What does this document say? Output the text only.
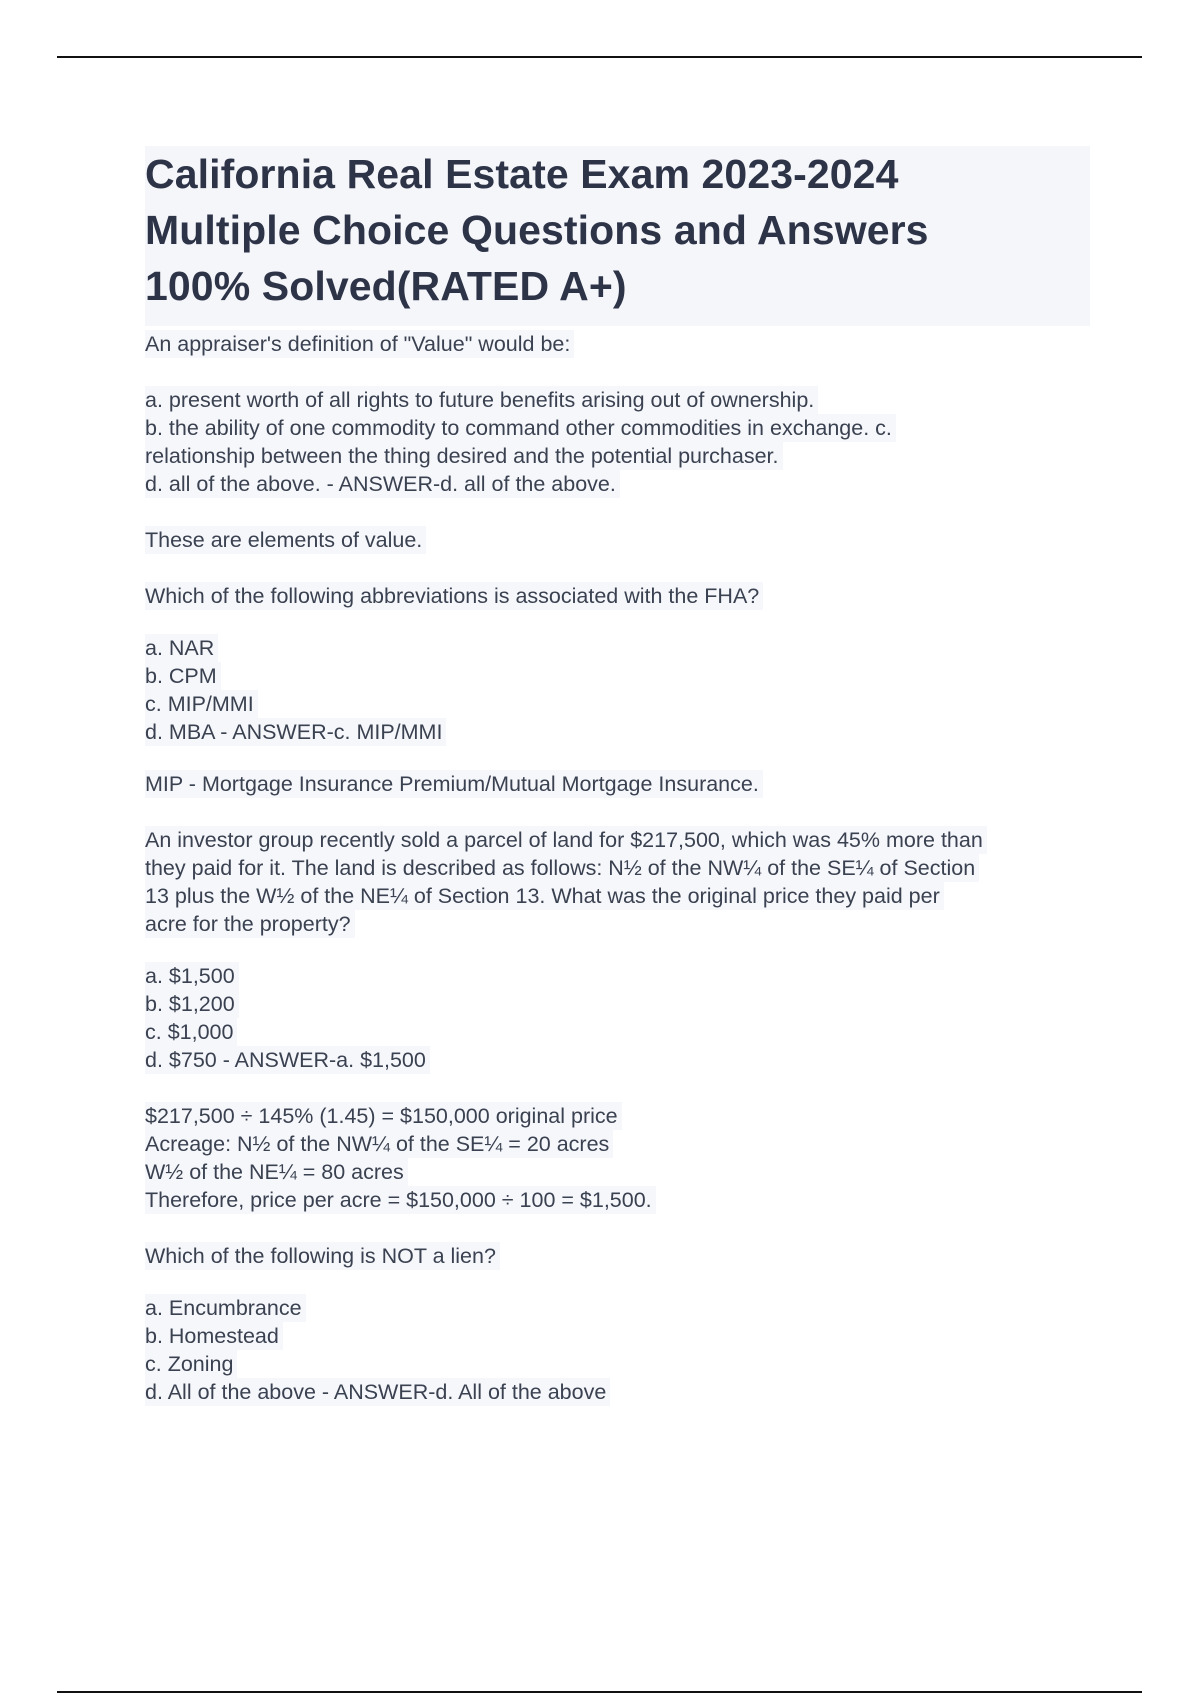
California Real Estate Exam 2023-2024
Multiple Choice Questions and Answers
100% Solved(RATED A+)
An appraiser's definition of "Value" would be:
a. present worth of all rights to future benefits arising out of ownership.
b. the ability of one commodity to command other commodities in exchange. c.
relationship between the thing desired and the potential purchaser.
d. all of the above. - ANSWER-d. all of the above.
These are elements of value.
Which of the following abbreviations is associated with the FHA?
a. NAR
b. CPM
c. MIP/MMI
d. MBA - ANSWER-c. MIP/MMI
MIP - Mortgage Insurance Premium/Mutual Mortgage Insurance.
An investor group recently sold a parcel of land for $217,500, which was 45% more than
they paid for it. The land is described as follows: N½ of the NW¼ of the SE¼ of Section
13 plus the W½ of the NE¼ of Section 13. What was the original price they paid per
acre for the property?
a. $1,500
b. $1,200
c. $1,000
d. $750 - ANSWER-a. $1,500
$217,500 ÷ 145% (1.45) = $150,000 original price
Acreage: N½ of the NW¼ of the SE¼ = 20 acres
W½ of the NE¼ = 80 acres
Therefore, price per acre = $150,000 ÷ 100 = $1,500.
Which of the following is NOT a lien?
a. Encumbrance
b. Homestead
c. Zoning
d. All of the above - ANSWER-d. All of the above
